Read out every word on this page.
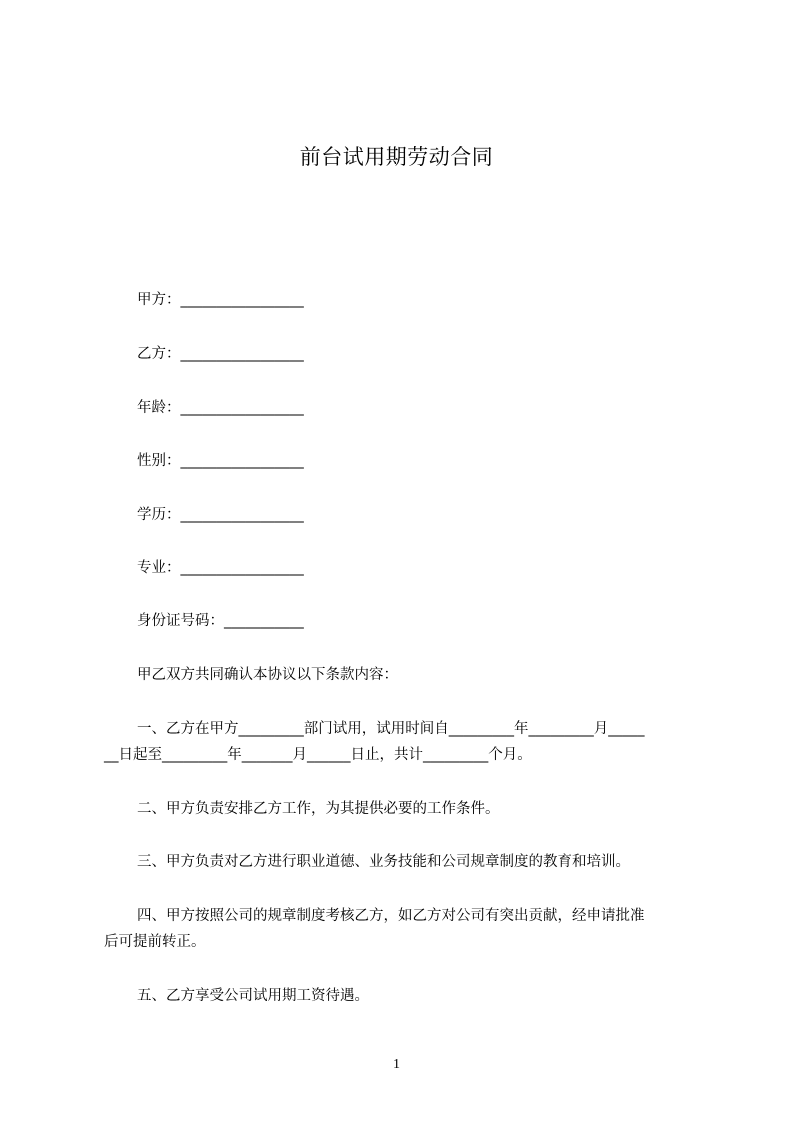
前台试用期劳动合同
甲方：_________________
乙方：_________________
年龄：_________________
性别：_________________
学历：_________________
专业：_________________
身份证号码：___________
甲乙双方共同确认本协议以下条款内容：
一、乙方在甲方_________部门试用，试用时间自_________年_________月_____
__日起至_________年_______月______日止，共计_________个月。
二、甲方负责安排乙方工作，为其提供必要的工作条件。
三、甲方负责对乙方进行职业道德、业务技能和公司规章制度的教育和培训。
四、甲方按照公司的规章制度考核乙方，如乙方对公司有突出贡献，经申请批准
后可提前转正。
五、乙方享受公司试用期工资待遇。
1
